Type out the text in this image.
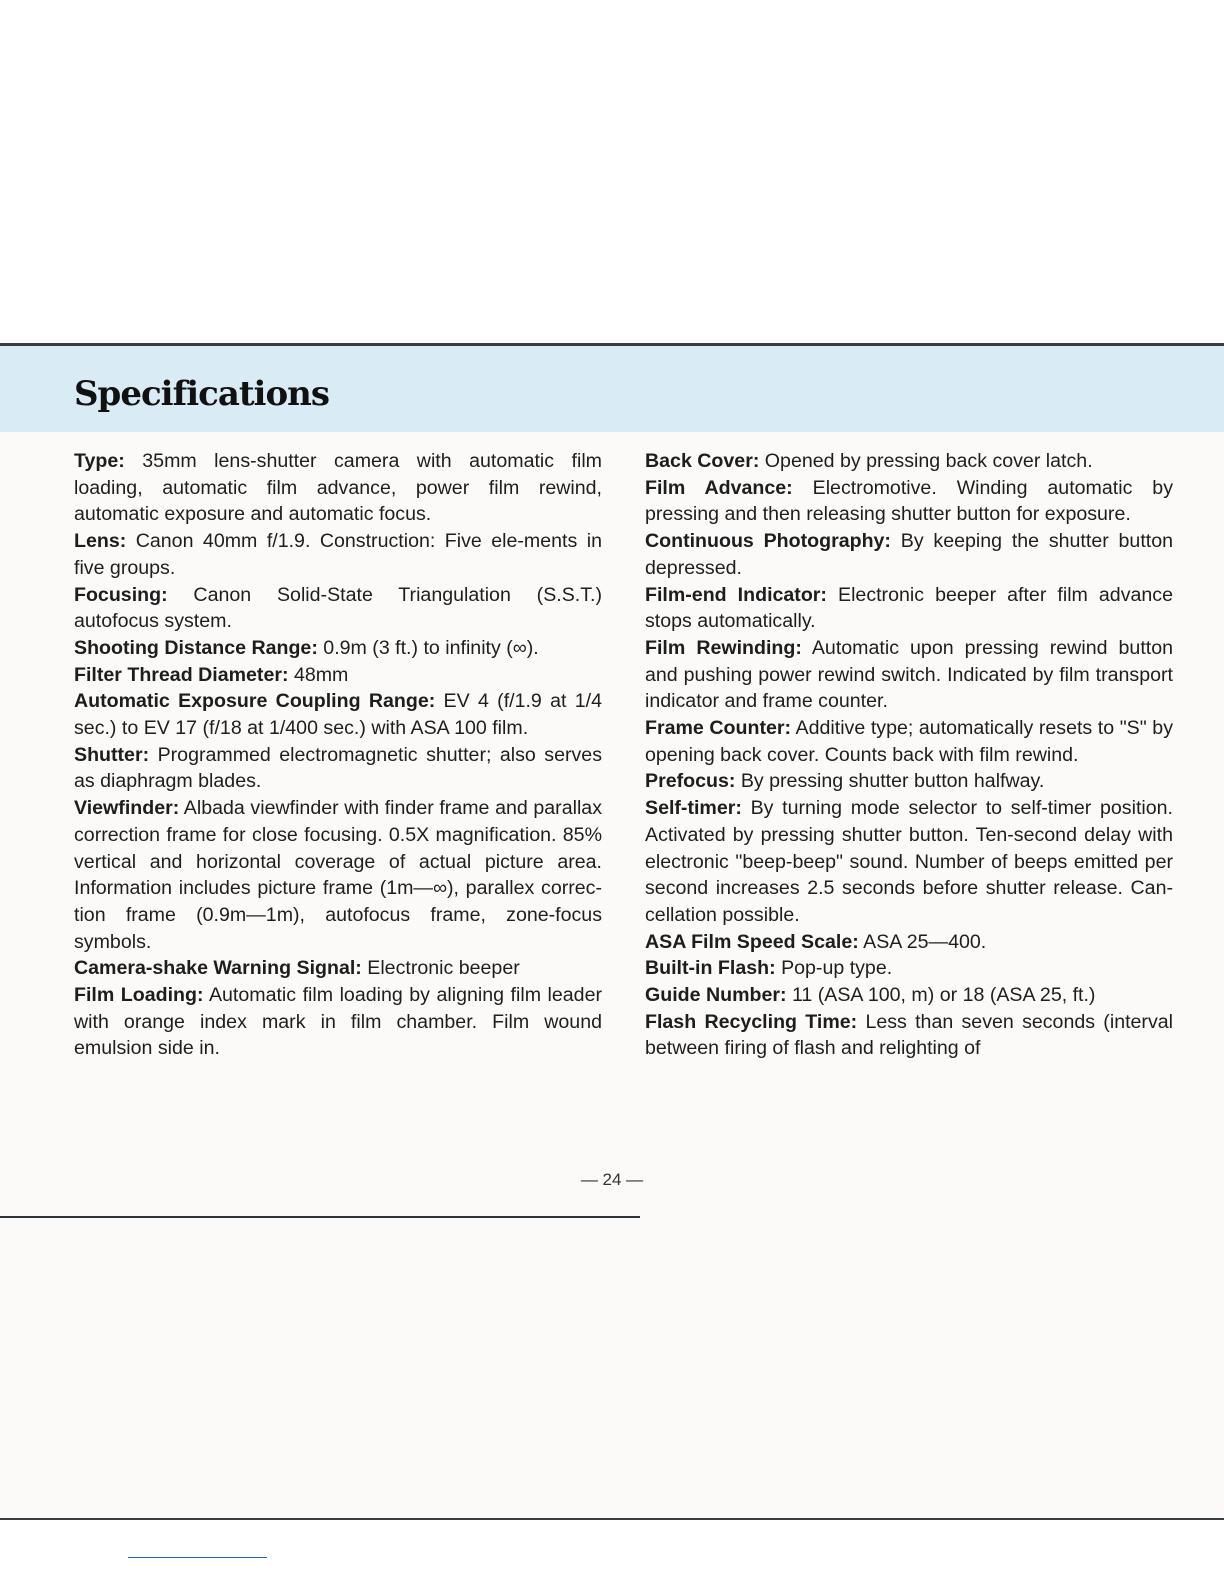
Specifications

Type: 35mm lens-shutter camera with automatic film loading, automatic film advance, power film rewind, automatic exposure and automatic focus.

Lens: Canon 40mm f/1.9. Construction: Five ele-ments in five groups.

Focusing: Canon Solid-State Triangulation (S.S.T.) autofocus system.

Shooting Distance Range: 0.9m (3 ft.) to infinity (∞).

Filter Thread Diameter: 48mm

Automatic Exposure Coupling Range: EV 4 (f/1.9 at 1/4 sec.) to EV 17 (f/18 at 1/400 sec.) with ASA 100 film.

Shutter: Programmed electromagnetic shutter; also serves as diaphragm blades.

Viewfinder: Albada viewfinder with finder frame and parallax correction frame for close focusing. 0.5X magnification. 85% vertical and horizontal coverage of actual picture area. Information includes picture frame (1m—∞), parallex correc-tion frame (0.9m—1m), autofocus frame, zone-focus symbols.

Camera-shake Warning Signal: Electronic beeper

Film Loading: Automatic film loading by aligning film leader with orange index mark in film chamber. Film wound emulsion side in.

Back Cover: Opened by pressing back cover latch.

Film Advance: Electromotive. Winding automatic by pressing and then releasing shutter button for exposure.

Continuous Photography: By keeping the shutter button depressed.

Film-end Indicator: Electronic beeper after film advance stops automatically.

Film Rewinding: Automatic upon pressing rewind button and pushing power rewind switch. Indicated by film transport indicator and frame counter.

Frame Counter: Additive type; automatically resets to "S" by opening back cover. Counts back with film rewind.

Prefocus: By pressing shutter button halfway.

Self-timer: By turning mode selector to self-timer position. Activated by pressing shutter button. Ten-second delay with electronic "beep-beep" sound. Number of beeps emitted per second increases 2.5 seconds before shutter release. Can-cellation possible.

ASA Film Speed Scale: ASA 25—400.

Built-in Flash: Pop-up type.

Guide Number: 11 (ASA 100, m) or 18 (ASA 25, ft.)

Flash Recycling Time: Less than seven seconds (interval between firing of flash and relighting of

— 24 —
